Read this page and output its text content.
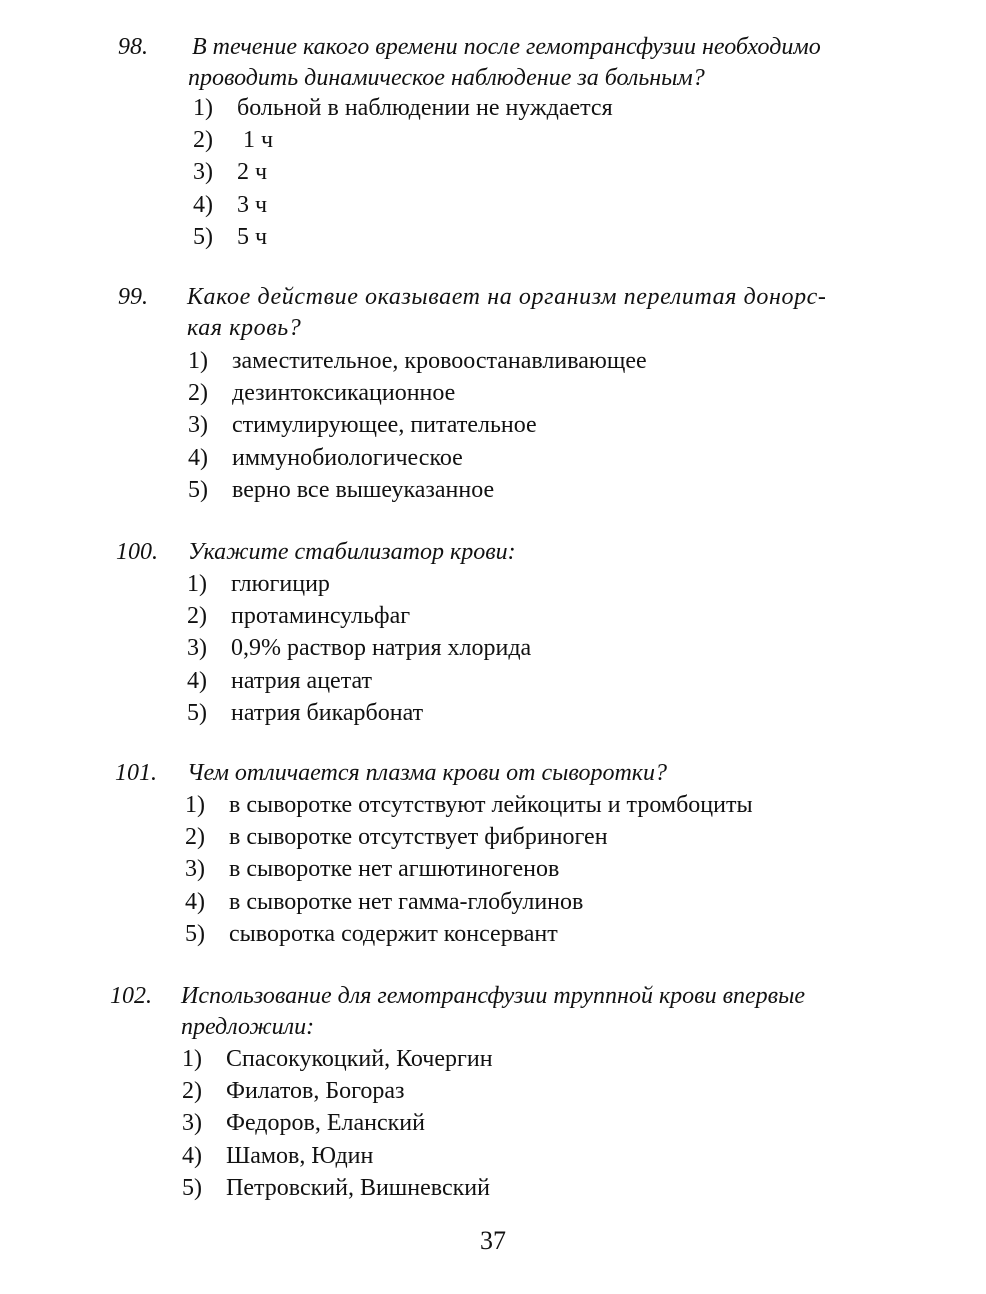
98. В течение какого времени после гемотрансфузии необходимо
проводить динамическое наблюдение за больным?
1)	больной в наблюдении не нуждается
2)	1 ч
3)	2 ч
4)	3 ч
5)	5 ч
99. Какое действие оказывает на организм перелитая донорс-
кая кровь?
1)	заместительное, кровоостанавливающее
2)	дезинтоксикационное
3)	стимулирующее, питательное
4)	иммунобиологическое
5)	верно все вышеуказанное
100. Укажите стабилизатор крови:
1)	глюгицир
2)	протаминсульфаг
3)	0,9% раствор натрия хлорида
4)	натрия ацетат
5)	натрия бикарбонат
101. Чем отличается плазма крови от сыворотки?
1)	в сыворотке отсутствуют лейкоциты и тромбоциты
2)	в сыворотке отсутствует фибриноген
3)	в сыворотке нет агшютиногенов
4)	в сыворотке нет гамма-глобулинов
5)	сыворотка содержит консервант
102. Использование для гемотрансфузии труппной крови впервые
предложили:
1)	Спасокукоцкий, Кочергин
2)	Филатов, Богораз
3)	Федоров, Еланский
4)	Шамов, Юдин
5)	Петровский, Вишневский
37
